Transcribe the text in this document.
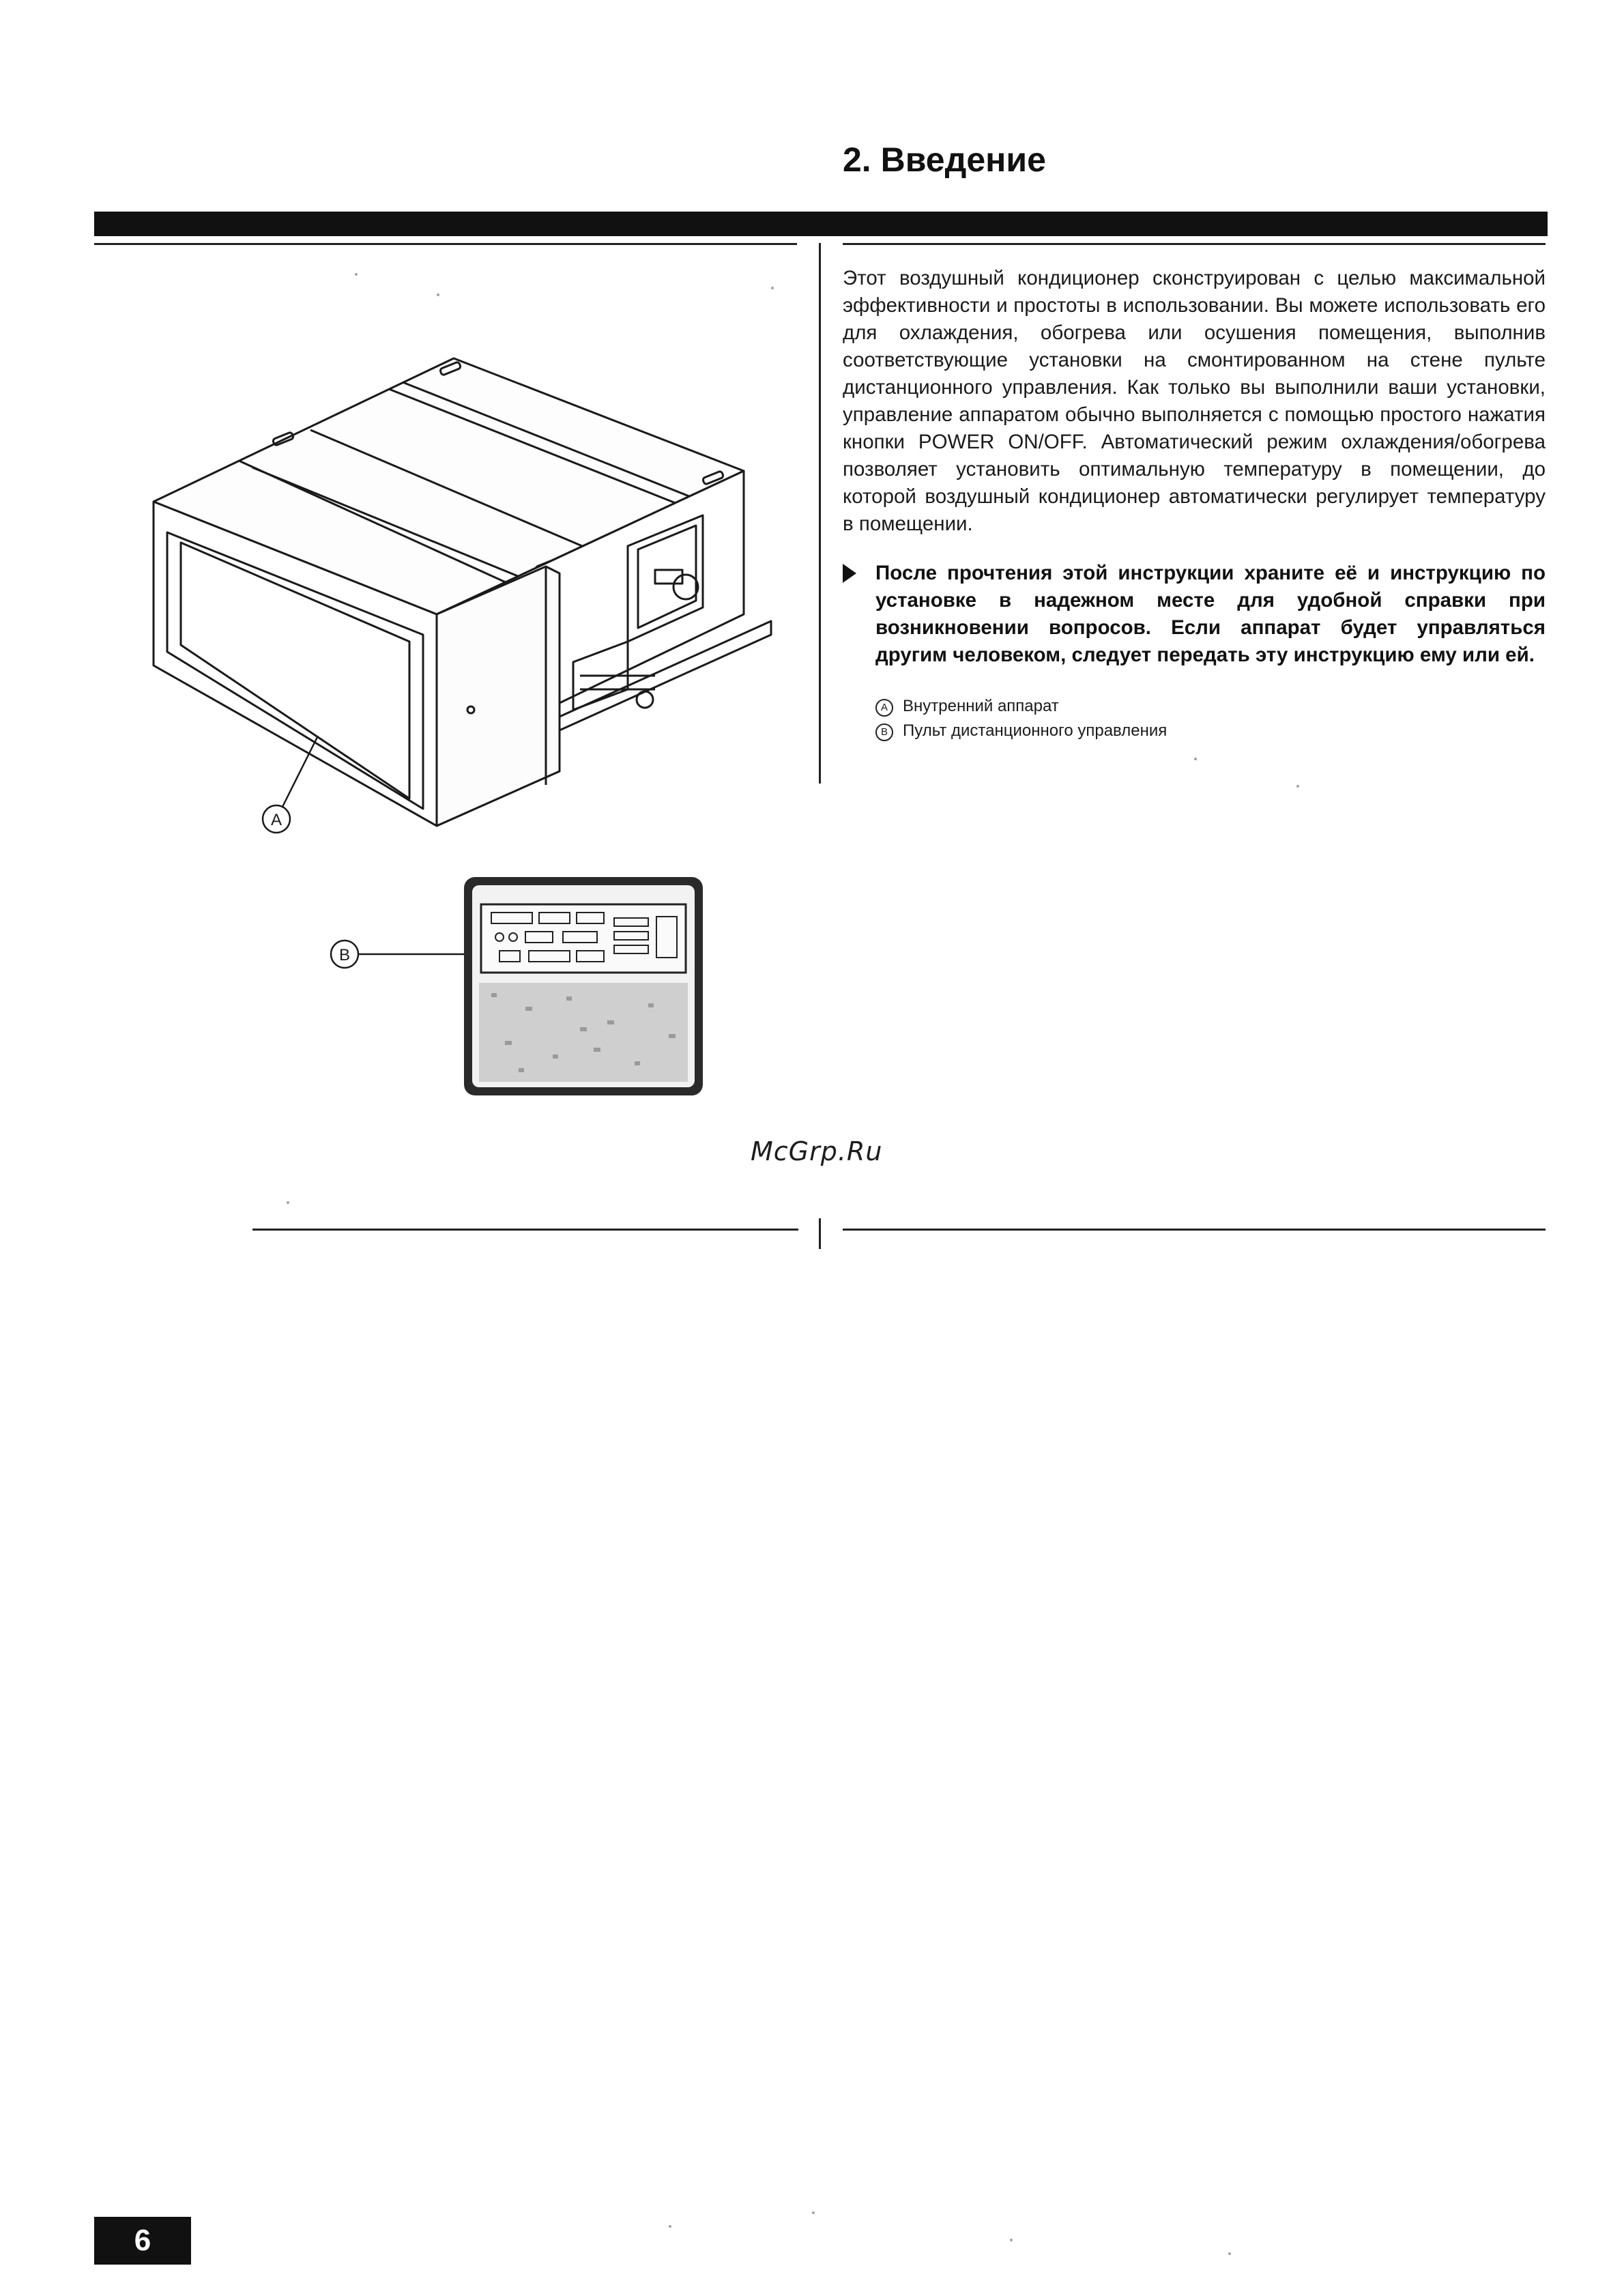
2. Введение
A
B
Этот воздушный кондиционер сконструирован с целью максимальной эффективности и простоты в использовании. Вы можете использовать его для охлаждения, обогрева или осушения помещения, выполнив соответствующие установки на смонтированном на стене пульте дистанционного управления. Как только вы выполнили ваши установки, управление аппаратом обычно выполняется с помощью простого нажатия кнопки POWER ON/OFF. Автоматический режим охлаждения/обогрева позволяет установить оптимальную температуру в помещении, до которой воздушный кондиционер автоматически регулирует температуру в помещении.
После прочтения этой инструкции храните её и инструкцию по установке в надежном месте для удобной справки при возникновении вопросов. Если аппарат будет управляться другим человеком, следует передать эту инструкцию ему или ей.
A Внутренний аппарат
B Пульт дистанционного управления
McGrp.Ru
6
